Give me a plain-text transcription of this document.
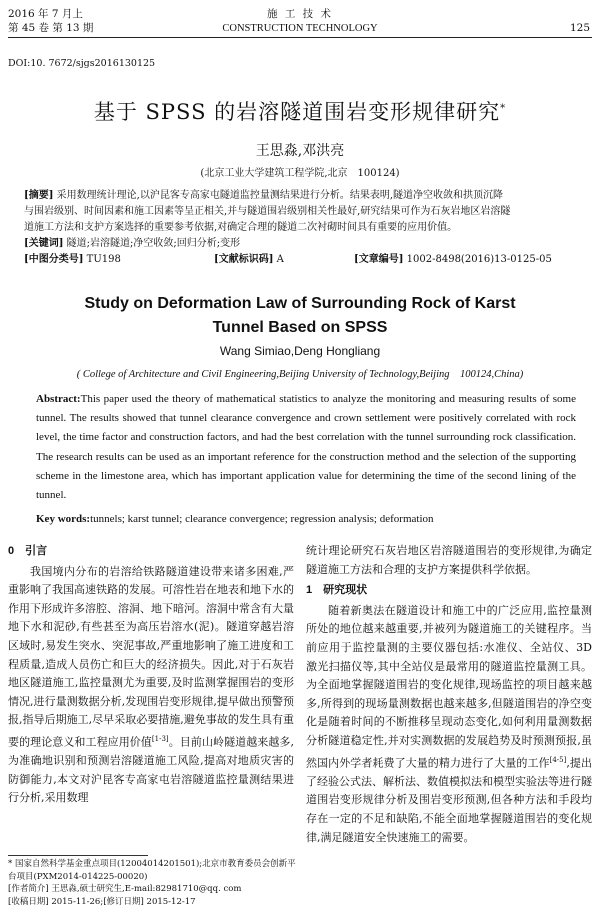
2016 年 7 月上
第 45 卷 第 13 期
施 工 技 术
CONSTRUCTION TECHNOLOGY	125
DOI:10. 7672/sjgs2016130125
基于 SPSS 的岩溶隧道围岩变形规律研究*
王思淼,邓洪亮
(北京工业大学建筑工程学院,北京　100124)
[摘要] 采用数理统计理论,以沪昆客专高家屯隧道监控量测结果进行分析。结果表明,隧道净空收敛和拱顶沉降
与围岩级别、时间因素和施工因素等呈正相关,并与隧道围岩级别相关性最好,研究结果可作为石灰岩地区岩溶隧
道施工方法和支护方案选择的重要参考依据,对确定合理的隧道二次衬砌时间具有重要的应用价值。
[关键词] 隧道;岩溶隧道;净空收敛;回归分析;变形
[中图分类号] TU198	[文献标识码] A	[文章编号] 1002-8498(2016)13-0125-05
Study on Deformation Law of Surrounding Rock of Karst
Tunnel Based on SPSS
Wang Simiao,Deng Hongliang
( College of Architecture and Civil Engineering,Beijing University of Technology,Beijing　100124,China)
Abstract:This paper used the theory of mathematical statistics to analyze the monitoring and measuring results of some tunnel. The results showed that tunnel clearance convergence and crown settlement were positively correlated with rock level, the time factor and construction factors, and had the best correlation with the tunnel surrounding rock classification. The research results can be used as an important reference for the construction method and the selection of the supporting scheme in the limestone area, which has important application value for determining the time of the second lining of the tunnel.
Key words:tunnels; karst tunnel; clearance convergence; regression analysis; deformation
0　引言

我国境内分布的岩溶给铁路隧道建设带来诸多困难,严重影响了我国高速铁路的发展。可溶性岩在地表和地下水的作用下形成许多溶腔、溶洞、地下暗河。溶洞中常含有大量地下水和泥砂,有些甚至为高压岩溶水(泥)。隧道穿越岩溶区域时,易发生突水、突泥事故,严重地影响了施工进度和工程质量,造成人员伤亡和巨大的经济损失。因此,对于石灰岩地区隧道施工,监控量测尤为重要,及时监测掌握围岩的变形情况,进行量测数据分析,发现围岩变形规律,提早做出预警预报,指导后期施工,尽早采取必要措施,避免事故的发生具有重要的理论意义和工程应用价值[1-3]。目前山岭隧道越来越多,为准确地识别和预测岩溶隧道施工风险,提高对地质灾害的防御能力,本文对沪昆客专高家屯岩溶隧道监控量测结果进行分析,采用数理

* 国家自然科学基金重点项目(12004014201501);北京市教育委员会创新平台项目(PXM2014-014225-00020)
[作者简介] 王思淼,硕士研究生,E-mail:82981710@qq. com
[收稿日期] 2015-11-26;[修订日期] 2015-12-17

统计理论研究石灰岩地区岩溶隧道围岩的变形规律,为确定隧道施工方法和合理的支护方案提供科学依据。

1　研究现状

随着新奥法在隧道设计和施工中的广泛应用,监控量测所处的地位越来越重要,并被列为隧道施工的关键程序。当前应用于监控量测的主要仪器包括:水准仪、全站仪、3D 激光扫描仪等,其中全站仪是最常用的隧道监控量测工具。为全面地掌握隧道围岩的变化规律,现场监控的项目越来越多,所得到的现场量测数据也越来越多,但隧道围岩的净空变化是随着时间的不断推移呈现动态变化,如何利用量测数据分析隧道稳定性,并对实测数据的发展趋势及时预测预报,虽然国内外学者耗费了大量的精力进行了大量的工作[4-5],提出了经验公式法、解析法、数值模拟法和模型实验法等进行隧道围岩变形规律分析及围岩变形预测,但各种方法和手段均存在一定的不足和缺陷,不能全面地掌握隧道围岩的变化规律,满足隧道安全快速施工的需要。
